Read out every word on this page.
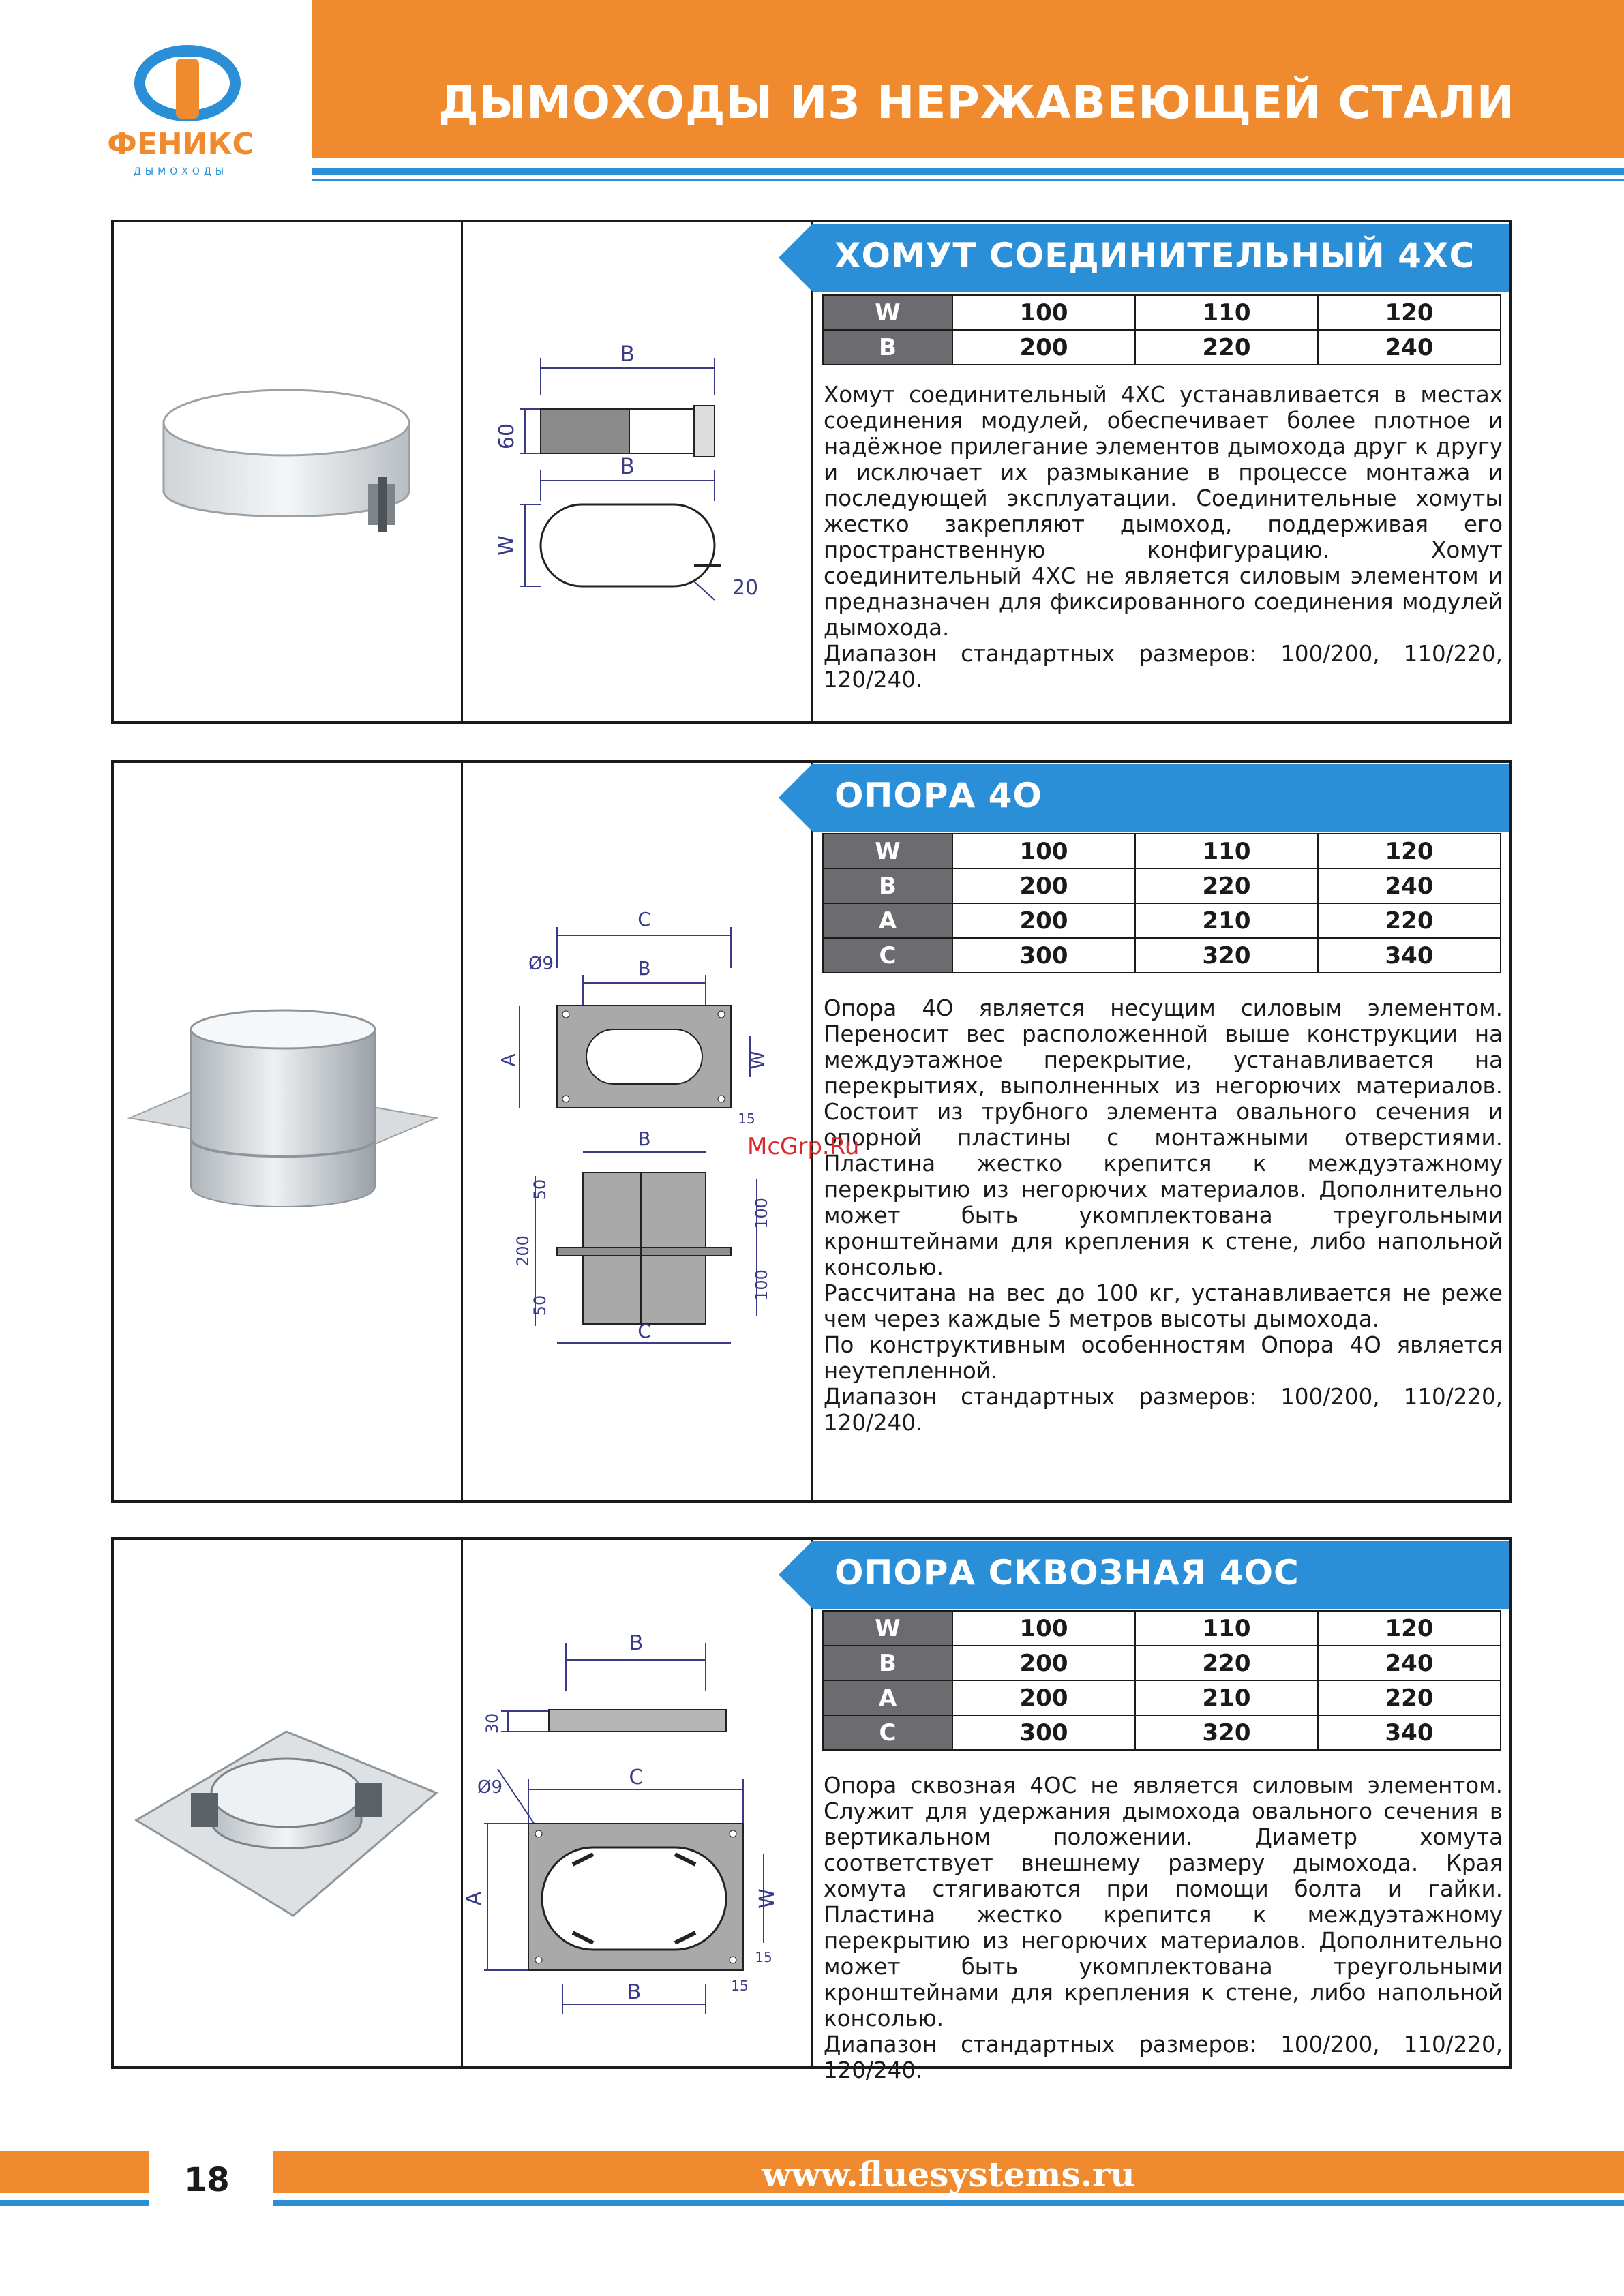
ДЫМОХОДЫ ИЗ НЕРЖАВЕЮЩЕЙ СТАЛИ
ФЕНИКС
ДЫМОХОДЫ
ХОМУТ СОЕДИНИТЕЛЬНЫЙ 4ХС
W	100	110	120
B	200	220	240

Хомут соединительный 4ХС устанавливается в местах соединения модулей, обеспечивает более плотное и надёжное прилегание элементов дымохода друг к другу и исключает их размыкание в процессе монтажа и последующей эксплуатации. Соединительные хомуты жестко закрепляют дымоход, поддерживая его пространственную конфигурацию. Хомут соединительный 4ХС не является силовым элементом и предназначен для фиксированного соединения модулей дымохода.

Диапазон стандартных размеров: 100/200, 110/220, 120/240.

B
60
B
W
20
ОПОРА 4О
W	100	110	120
B	200	220	240
A	200	210	220
C	300	320	340

Опора 4О является несущим силовым элементом. Переносит вес расположенной выше конструкции на междуэтажное перекрытие, устанавливается на перекрытиях, выполненных из негорючих материалов. Состоит из трубного элемента овального сечения и опорной пластины с монтажными отверстиями. Пластина жестко крепится к междуэтажному перекрытию из негорючих материалов. Дополнительно может быть укомплектована треугольными кронштейнами для крепления к стене, либо напольной консолью.

Рассчитана на вес до 100 кг, устанавливается не реже чем через каждые 5 метров высоты дымохода.

По конструктивным особенностям Опора 4О является неутепленной.

Диапазон стандартных размеров: 100/200, 110/220, 120/240.

C
Ø9	B
A	W
15
B
50
200
50
100
100
C
ОПОРА СКВОЗНАЯ 4ОС
W	100	110	120
B	200	220	240
A	200	210	220
C	300	320	340

Опора сквозная 4ОС не является силовым элементом. Служит для удержания дымохода овального сечения в вертикальном положении. Диаметр хомута соответствует внешнему размеру дымохода. Края хомута стягиваются при помощи болта и гайки. Пластина жестко крепится к междуэтажному перекрытию из негорючих материалов. Дополнительно может быть укомплектована треугольными кронштейнами для крепления к стене, либо напольной консолью.

Диапазон стандартных размеров: 100/200, 110/220, 120/240.

B
30
Ø9	C
A	W
15
15
B
McGrp.Ru
18	www.fluesystems.ru
